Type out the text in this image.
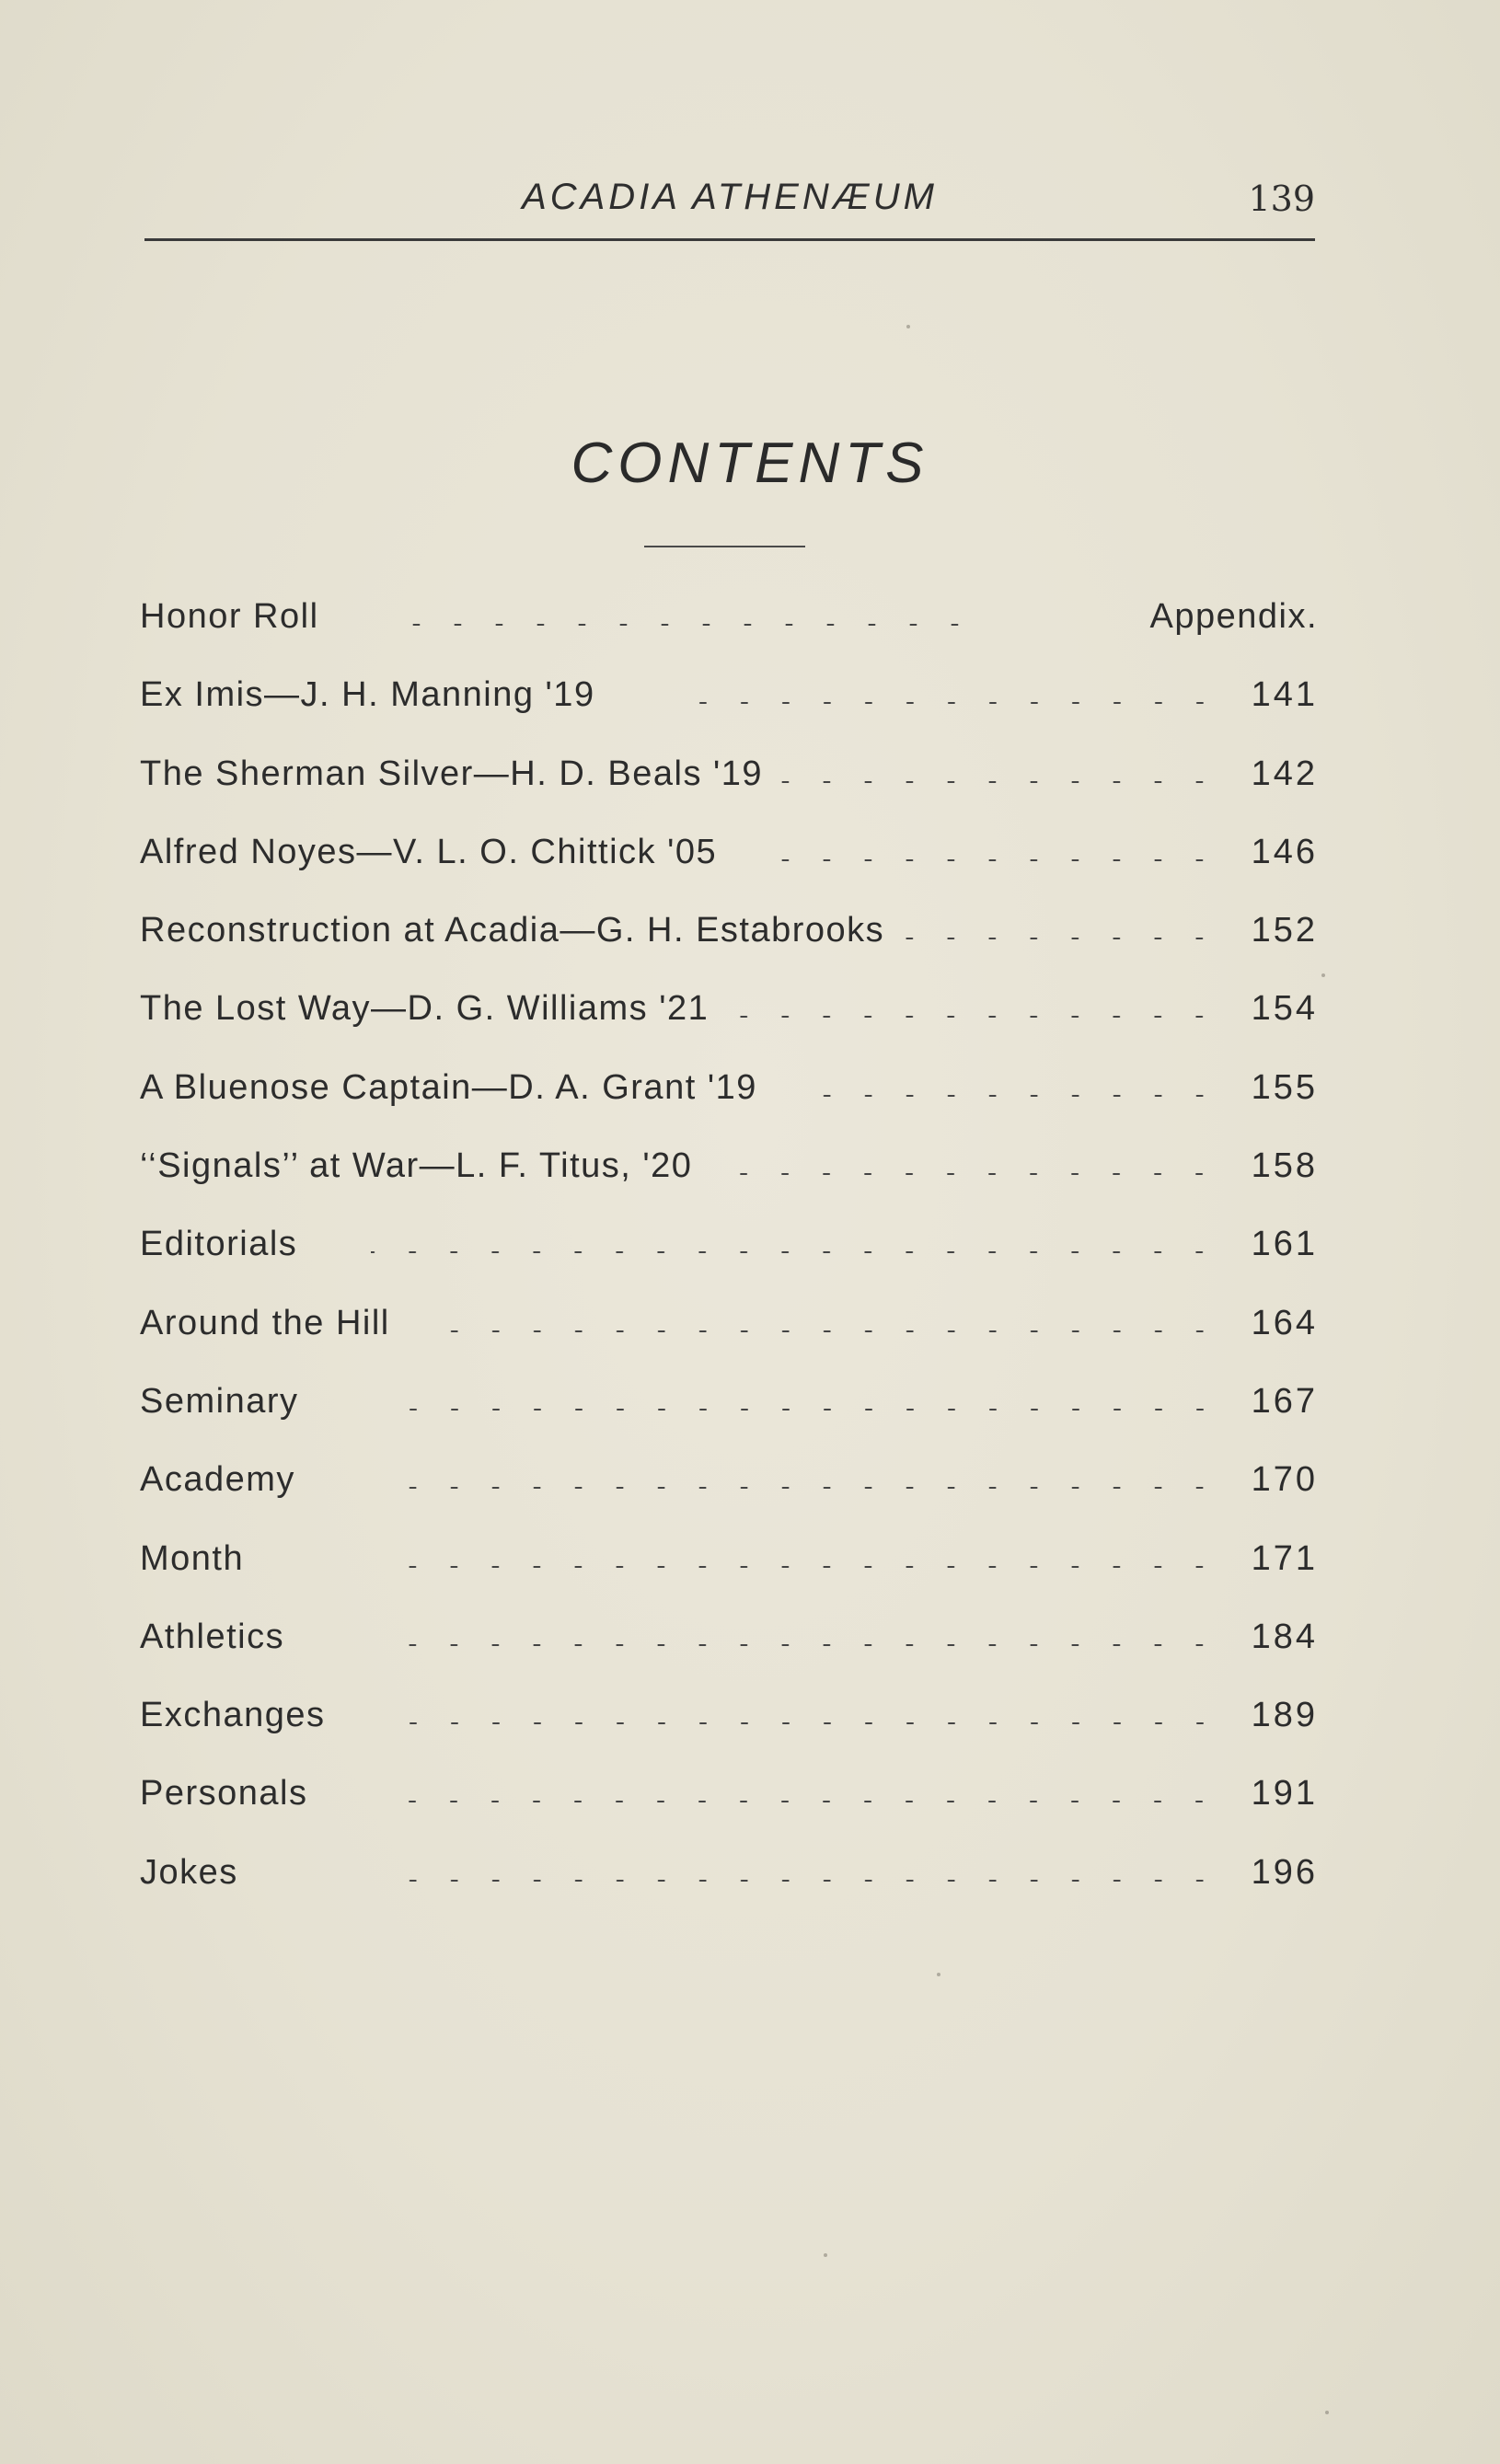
ACADIA ATHENÆUM	139
CONTENTS
Honor Roll	Appendix.
Ex Imis—J. H. Manning '19	141
The Sherman Silver—H. D. Beals '19	142
Alfred Noyes—V. L. O. Chittick '05	146
Reconstruction at Acadia—G. H. Estabrooks	152
The Lost Way—D. G. Williams '21	154
A Bluenose Captain—D. A. Grant '19	155
‘‘Signals’’ at War—L. F. Titus, '20	158
Editorials	161
Around the Hill	164
Seminary	167
Academy	170
Month	171
Athletics	184
Exchanges	189
Personals	191
Jokes	196
